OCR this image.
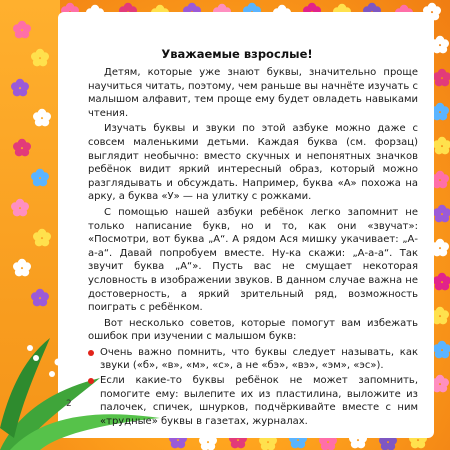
Уважаемые взрослые!

Детям, которые уже знают буквы, значительно проще научиться читать, поэтому, чем раньше вы начнёте изучать с малышом алфавит, тем проще ему будет овладеть навыками чтения.

Изучать буквы и звуки по этой азбуке можно даже с совсем маленькими детьми. Каждая буква (см. форзац) выглядит необычно: вместо скучных и непонятных значков ребёнок видит яркий интересный образ, который можно разглядывать и обсуждать. Например, буква «А» похожа на арку, а буква «У» — на улитку с рожками.

С помощью нашей азбуки ребёнок легко запомнит не только написание букв, но и то, как они «звучат»: «Посмотри, вот буква „А“. А рядом Ася мишку укачивает: „А-а-а“. Давай попробуем вместе. Ну-ка скажи: „А-а-а“. Так звучит буква „А“». Пусть вас не смущает некоторая условность в изображении звуков. В данном случае важна не достоверность, а яркий зрительный ряд, возможность поиграть с ребёнком.

Вот несколько советов, которые помогут вам избежать ошибок при изучении с малышом букв:

Очень важно помнить, что буквы следует называть, как звуки («б», «в», «м», «с», а не «бэ», «вэ», «эм», «эс»).
Если какие-то буквы ребёнок не может запомнить, помогите ему: вылепите их из пластилина, выложите из палочек, спичек, шнурков, подчёркивайте вместе с ним «трудные» буквы в газетах, журналах.
2
